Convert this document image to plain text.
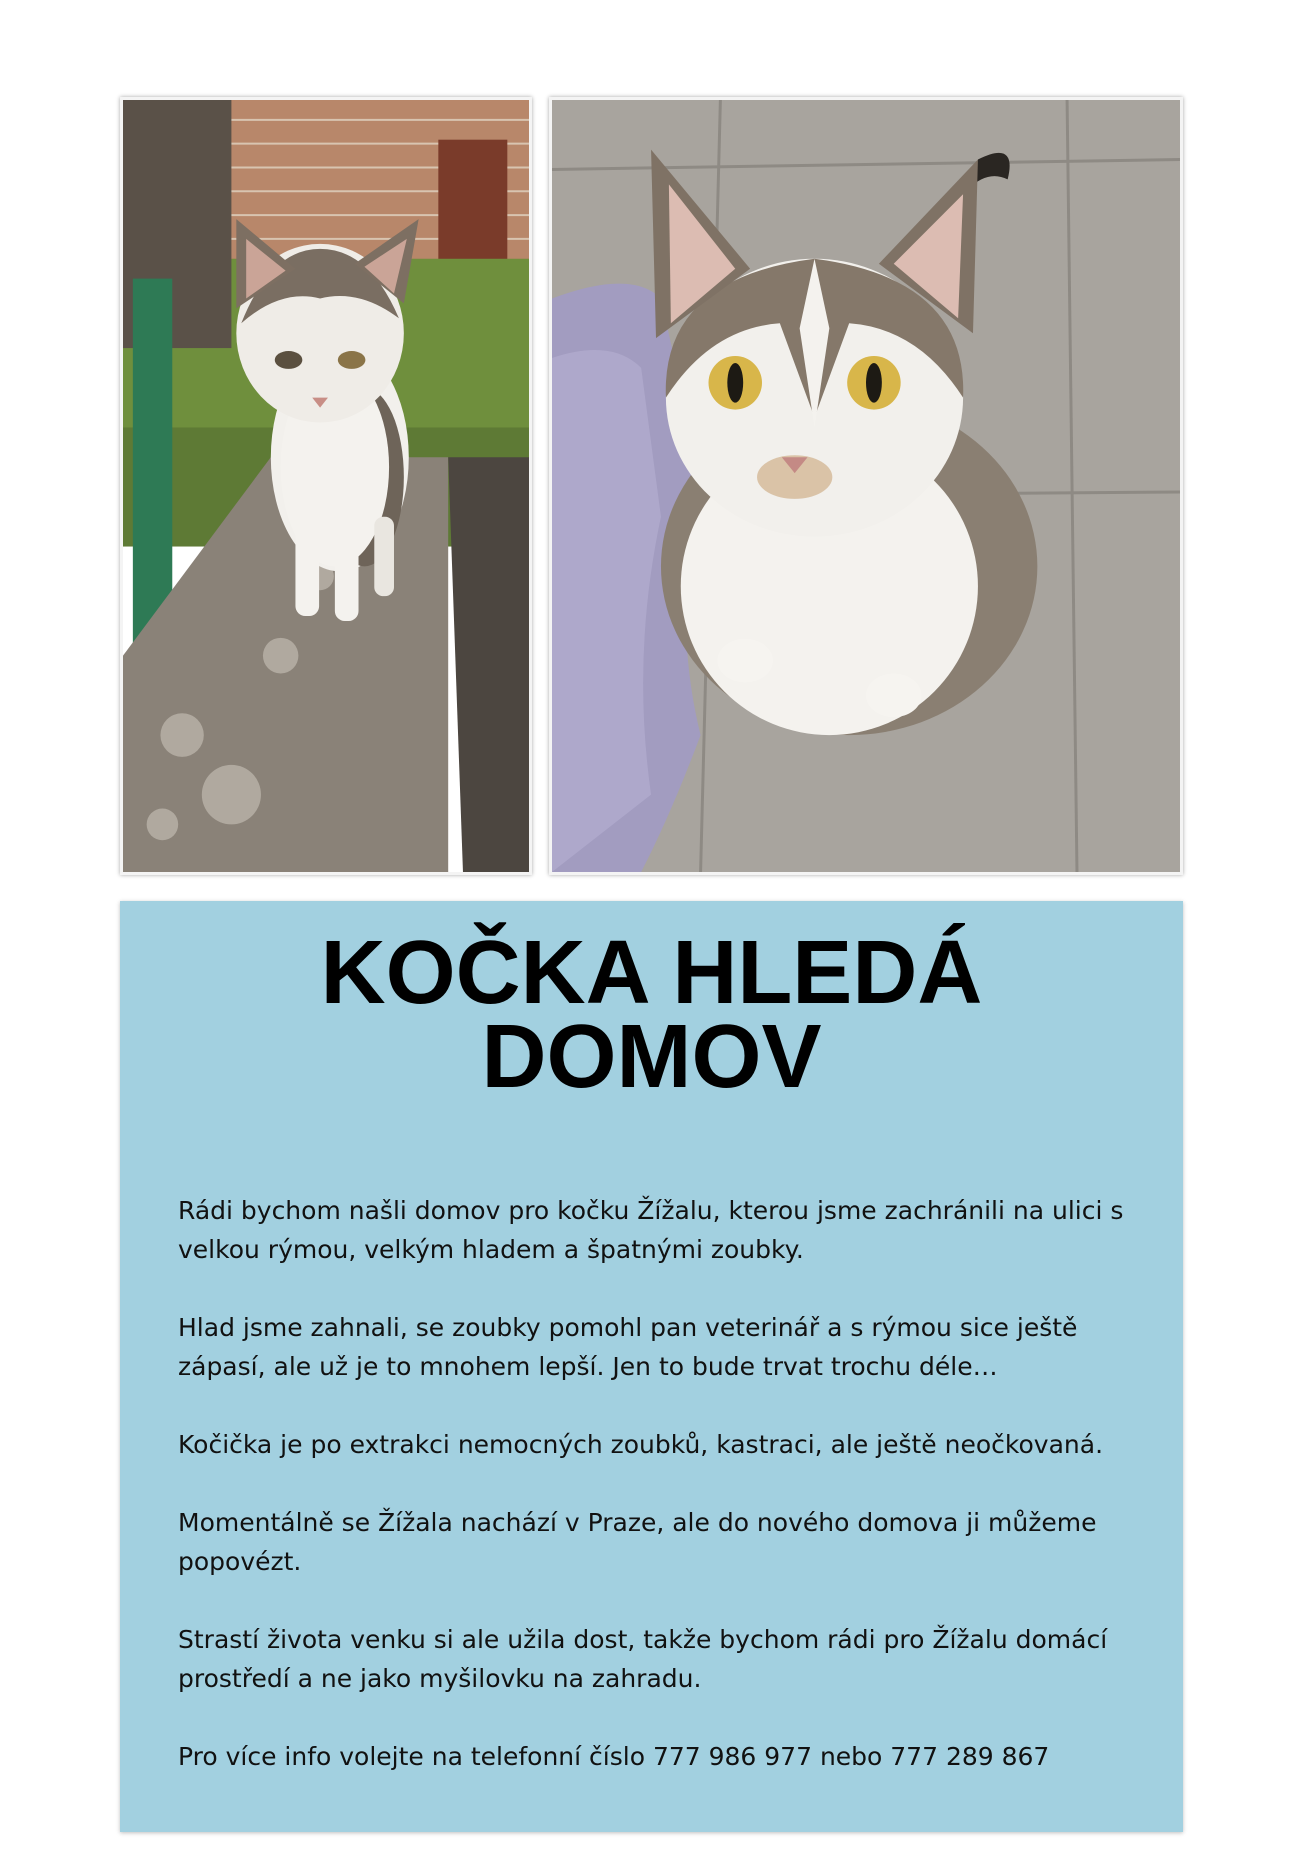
KOČKA HLEDÁ
DOMOV

Rádi bychom našli domov pro kočku Žížalu, kterou jsme zachránili na ulici s velkou rýmou, velkým hladem a špatnými zoubky.

Hlad jsme zahnali, se zoubky pomohl pan veterinář a s rýmou sice ještě zápasí, ale už je to mnohem lepší. Jen to bude trvat trochu déle…

Kočička je po extrakci nemocných zoubků, kastraci, ale ještě neočkovaná.

Momentálně se Žížala nachází v Praze, ale do nového domova ji můžeme popovézt.

Strastí života venku si ale užila dost, takže bychom rádi pro Žížalu domácí prostředí a ne jako myšilovku na zahradu.

Pro více info volejte na telefonní číslo 777 986 977 nebo 777 289 867
